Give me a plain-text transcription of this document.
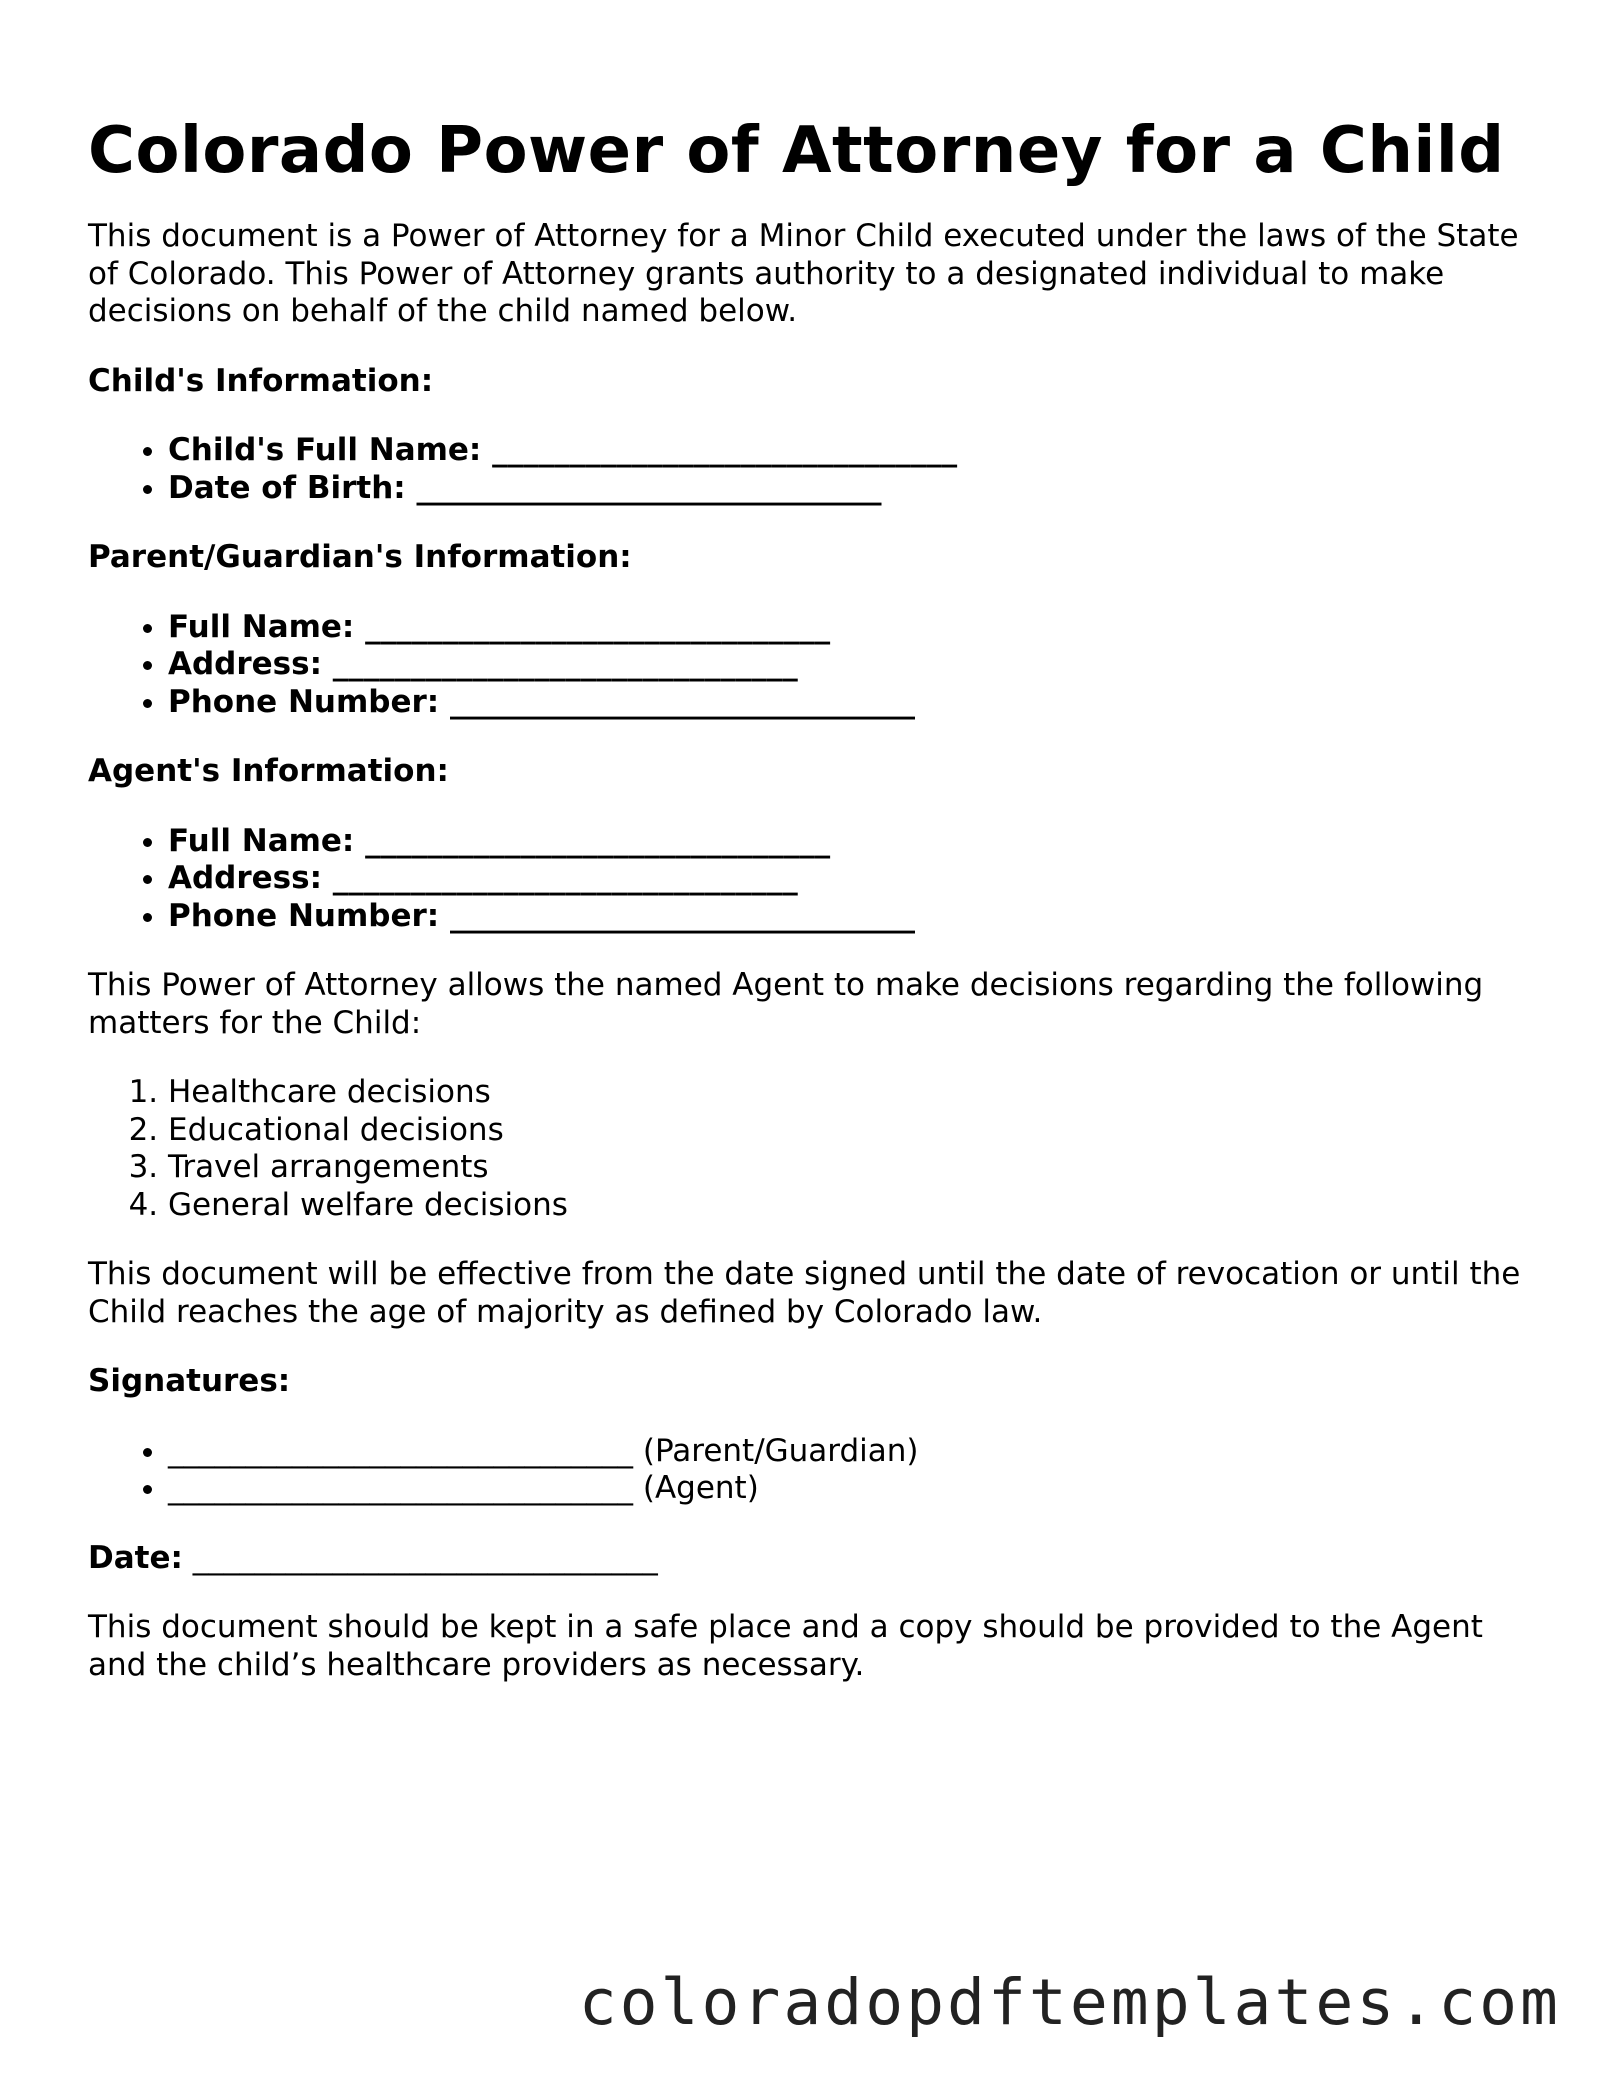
Colorado Power of Attorney for a Child

This document is a Power of Attorney for a Minor Child executed under the laws of the State of Colorado. This Power of Attorney grants authority to a designated individual to make decisions on behalf of the child named below.

Child's Information:
• Child's Full Name: ______________________________
• Date of Birth: ______________________________
Parent/Guardian's Information:
• Full Name: ______________________________
• Address: ______________________________
• Phone Number: ______________________________
Agent's Information:
• Full Name: ______________________________
• Address: ______________________________
• Phone Number: ______________________________

This Power of Attorney allows the named Agent to make decisions regarding the following matters for the Child:

1. Healthcare decisions
2. Educational decisions
3. Travel arrangements
4. General welfare decisions

This document will be effective from the date signed until the date of revocation or until the Child reaches the age of majority as defined by Colorado law.

Signatures:
• ______________________________ (Parent/Guardian)
• ______________________________ (Agent)

Date: ______________________________

This document should be kept in a safe place and a copy should be provided to the Agent and the child’s healthcare providers as necessary.

coloradopdftemplates.com
